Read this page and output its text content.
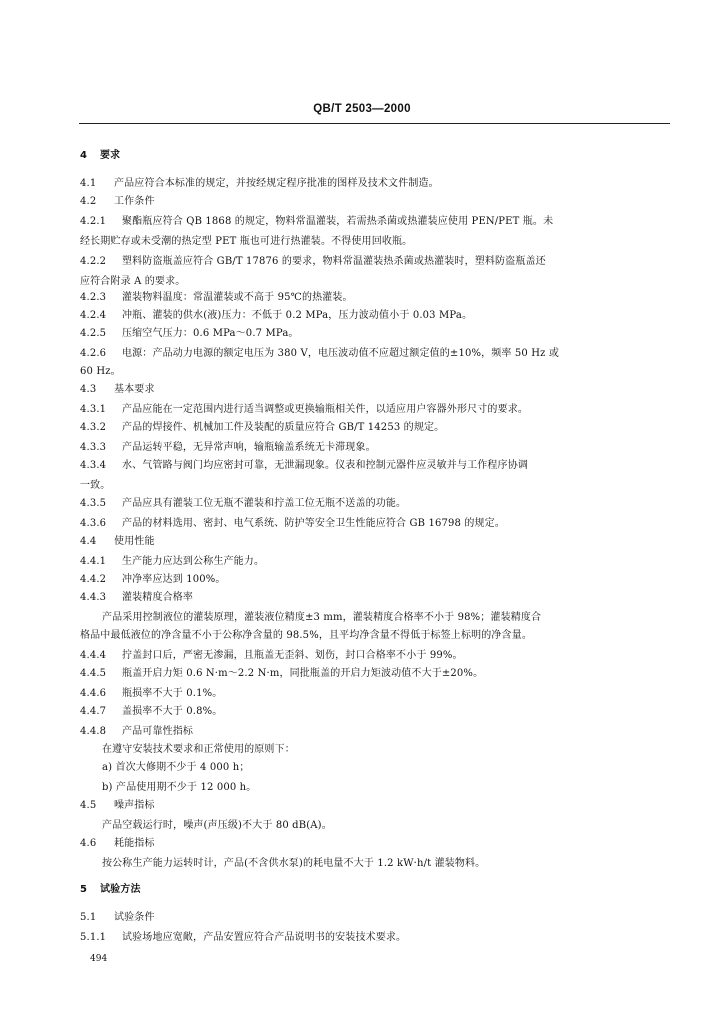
QB/T 2503—2000
4 要求
4.1 产品应符合本标准的规定，并按经规定程序批准的图样及技术文件制造。
4.2 工作条件
4.2.1 聚酯瓶应符合 QB 1868 的规定，物料常温灌装，若需热杀菌或热灌装应使用 PEN/PET 瓶。未
经长期贮存或未受潮的热定型 PET 瓶也可进行热灌装。不得使用回收瓶。
4.2.2 塑料防盗瓶盖应符合 GB/T 17876 的要求，物料常温灌装热杀菌或热灌装时，塑料防盗瓶盖还
应符合附录 A 的要求。
4.2.3 灌装物料温度：常温灌装或不高于 95℃的热灌装。
4.2.4 冲瓶、灌装的供水(液)压力：不低于 0.2 MPa，压力波动值小于 0.03 MPa。
4.2.5 压缩空气压力：0.6 MPa～0.7 MPa。
4.2.6 电源：产品动力电源的额定电压为 380 V，电压波动值不应超过额定值的±10%，频率 50 Hz 或
60 Hz。
4.3 基本要求
4.3.1 产品应能在一定范围内进行适当调整或更换输瓶相关件，以适应用户容器外形尺寸的要求。
4.3.2 产品的焊接件、机械加工件及装配的质量应符合 GB/T 14253 的规定。
4.3.3 产品运转平稳，无异常声响，输瓶输盖系统无卡滞现象。
4.3.4 水、气管路与阀门均应密封可靠，无泄漏现象。仪表和控制元器件应灵敏并与工作程序协调
一致。
4.3.5 产品应具有灌装工位无瓶不灌装和拧盖工位无瓶不送盖的功能。
4.3.6 产品的材料选用、密封、电气系统、防护等安全卫生性能应符合 GB 16798 的规定。
4.4 使用性能
4.4.1 生产能力应达到公称生产能力。
4.4.2 冲净率应达到 100%。
4.4.3 灌装精度合格率
产品采用控制液位的灌装原理，灌装液位精度±3 mm，灌装精度合格率不小于 98%；灌装精度合
格品中最低液位的净含量不小于公称净含量的 98.5%，且平均净含量不得低于标签上标明的净含量。
4.4.4 拧盖封口后，严密无渗漏，且瓶盖无歪斜、划伤，封口合格率不小于 99%。
4.4.5 瓶盖开启力矩 0.6 N·m～2.2 N·m，同批瓶盖的开启力矩波动值不大于±20%。
4.4.6 瓶损率不大于 0.1%。
4.4.7 盖损率不大于 0.8%。
4.4.8 产品可靠性指标
在遵守安装技术要求和正常使用的原则下：
a) 首次大修期不少于 4 000 h；
b) 产品使用期不少于 12 000 h。
4.5 噪声指标
产品空载运行时，噪声(声压级)不大于 80 dB(A)。
4.6 耗能指标
按公称生产能力运转时计，产品(不含供水泵)的耗电量不大于 1.2 kW·h/t 灌装物料。
5 试验方法
5.1 试验条件
5.1.1 试验场地应宽敞，产品安置应符合产品说明书的安装技术要求。
494
